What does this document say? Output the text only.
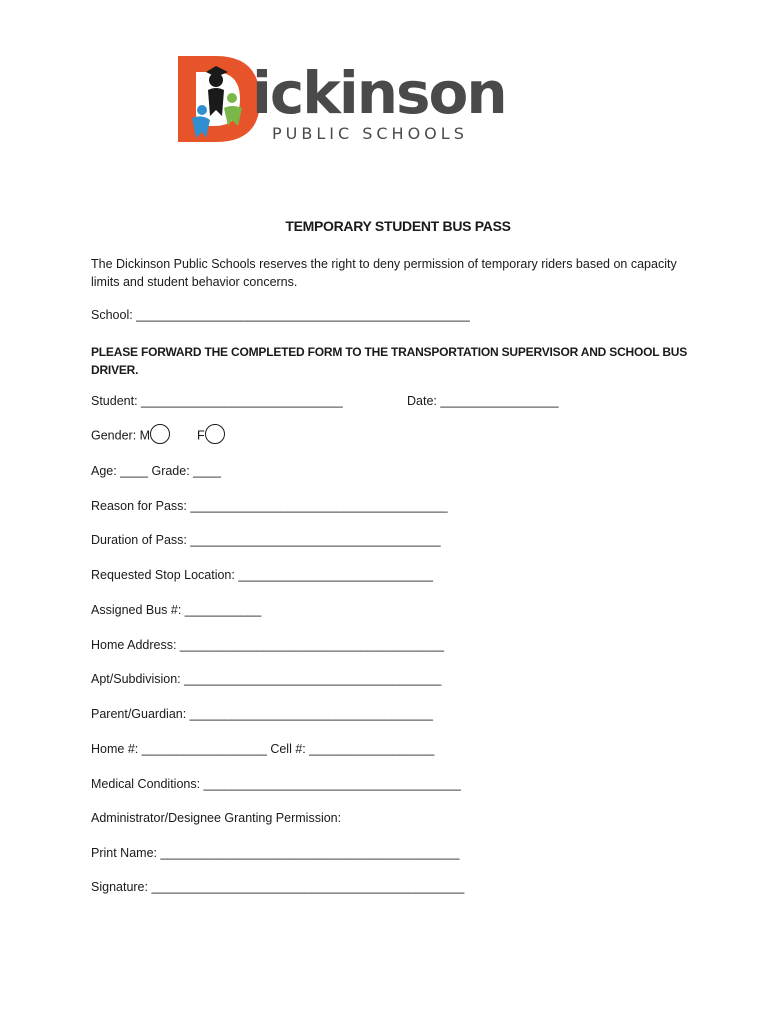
ickinson
PUBLIC SCHOOLS
TEMPORARY STUDENT BUS PASS
The Dickinson Public Schools reserves the right to deny permission of temporary riders based on capacity
limits and student behavior concerns.
School: ________________________________________________
PLEASE FORWARD THE COMPLETED FORM TO THE TRANSPORTATION SUPERVISOR AND SCHOOL BUS
DRIVER.
Student: _____________________________	Date: _________________
Gender: M	F
Age: ____ Grade: ____
Reason for Pass: _____________________________________
Duration of Pass: ____________________________________
Requested Stop Location: ____________________________
Assigned Bus #: ___________
Home Address: ______________________________________
Apt/Subdivision: _____________________________________
Parent/Guardian: ___________________________________
Home #: __________________ Cell #: __________________
Medical Conditions: _____________________________________
Administrator/Designee Granting Permission:
Print Name: ___________________________________________
Signature: _____________________________________________
